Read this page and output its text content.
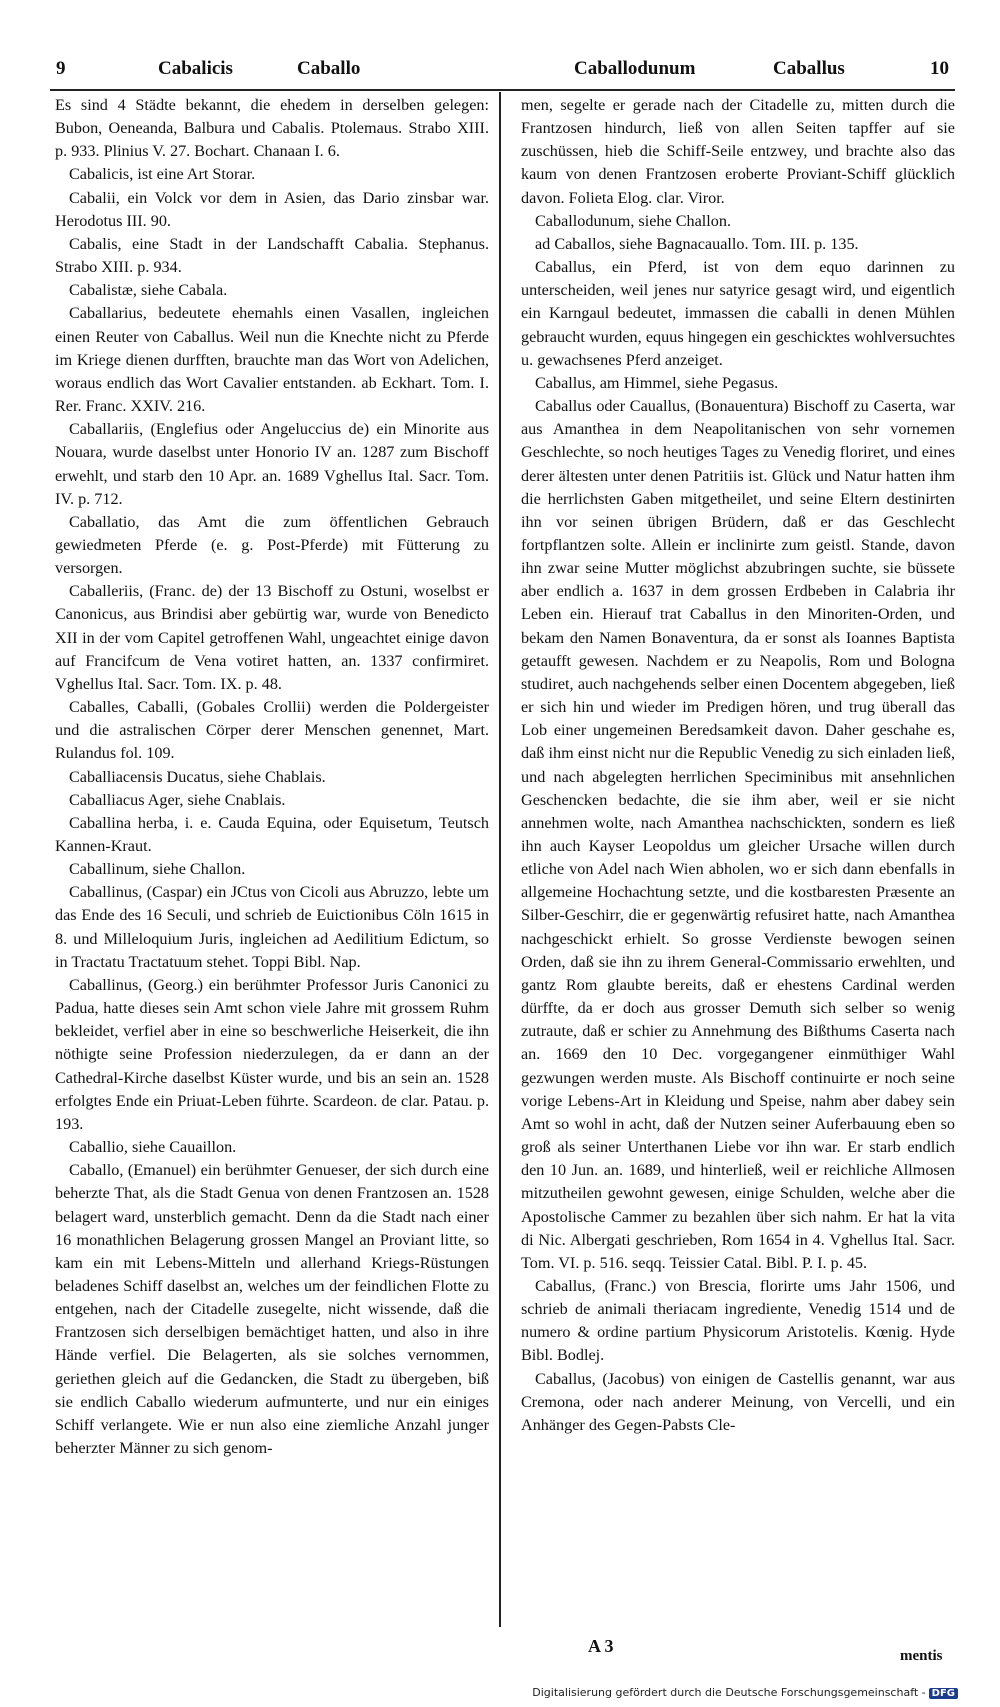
9	Cabalicis	Caballo	Caballodunum	Caballus	10

Es sind 4 Städte bekannt, die ehedem in derselben gelegen: Bubon, Oeneanda, Balbura und Cabalis. Ptolemaus. Strabo XIII. p. 933. Plinius V. 27. Bochart. Chanaan I. 6.

Cabalicis, ist eine Art Storar.

Cabalii, ein Volck vor dem in Asien, das Dario zinsbar war. Herodotus III. 90.

Cabalis, eine Stadt in der Landschafft Cabalia. Stephanus. Strabo XIII. p. 934.

Cabalistæ, siehe Cabala.

Caballarius, bedeutete ehemahls einen Vasallen, ingleichen einen Reuter von Caballus. Weil nun die Knechte nicht zu Pferde im Kriege dienen durfften, brauchte man das Wort von Adelichen, woraus endlich das Wort Cavalier entstanden. ab Eckhart. Tom. I. Rer. Franc. XXIV. 216.

Caballariis, (Englefius oder Angeluccius de) ein Minorite aus Nouara, wurde daselbst unter Honorio IV an. 1287 zum Bischoff erwehlt, und starb den 10 Apr. an. 1689 Vghellus Ital. Sacr. Tom. IV. p. 712.

Caballatio, das Amt die zum öffentlichen Gebrauch gewiedmeten Pferde (e. g. Post-Pferde) mit Fütterung zu versorgen.

Caballeriis, (Franc. de) der 13 Bischoff zu Ostuni, woselbst er Canonicus, aus Brindisi aber gebürtig war, wurde von Benedicto XII in der vom Capitel getroffenen Wahl, ungeachtet einige davon auf Francifcum de Vena votiret hatten, an. 1337 confirmiret. Vghellus Ital. Sacr. Tom. IX. p. 48.

Caballes, Caballi, (Gobales Crollii) werden die Poldergeister und die astralischen Cörper derer Menschen genennet, Mart. Rulandus fol. 109.

Caballiacensis Ducatus, siehe Chablais.

Caballiacus Ager, siehe Cnablais.

Caballina herba, i. e. Cauda Equina, oder Equisetum, Teutsch Kannen-Kraut.

Caballinum, siehe Challon.

Caballinus, (Caspar) ein JCtus von Cicoli aus Abruzzo, lebte um das Ende des 16 Seculi, und schrieb de Euictionibus Cöln 1615 in 8. und Milleloquium Juris, ingleichen ad Aedilitium Edictum, so in Tractatu Tractatuum stehet. Toppi Bibl. Nap.

Caballinus, (Georg.) ein berühmter Professor Juris Canonici zu Padua, hatte dieses sein Amt schon viele Jahre mit grossem Ruhm bekleidet, verfiel aber in eine so beschwerliche Heiserkeit, die ihn nöthigte seine Profession niederzulegen, da er dann an der Cathedral-Kirche daselbst Küster wurde, und bis an sein an. 1528 erfolgtes Ende ein Priuat-Leben führte. Scardeon. de clar. Patau. p. 193.

Caballio, siehe Cauaillon.

Caballo, (Emanuel) ein berühmter Genueser, der sich durch eine beherzte That, als die Stadt Genua von denen Frantzosen an. 1528 belagert ward, unsterblich gemacht. Denn da die Stadt nach einer 16 monathlichen Belagerung grossen Mangel an Proviant litte, so kam ein mit Lebens-Mitteln und allerhand Kriegs-Rüstungen beladenes Schiff daselbst an, welches um der feindlichen Flotte zu entgehen, nach der Citadelle zusegelte, nicht wissende, daß die Frantzosen sich derselbigen bemächtiget hatten, und also in ihre Hände verfiel. Die Belagerten, als sie solches vernommen, geriethen gleich auf die Gedancken, die Stadt zu übergeben, biß sie endlich Caballo wiederum aufmunterte, und nur ein einiges Schiff verlangete. Wie er nun also eine ziemliche Anzahl junger beherzter Männer zu sich genom-

men, segelte er gerade nach der Citadelle zu, mitten durch die Frantzosen hindurch, ließ von allen Seiten tapffer auf sie zuschüssen, hieb die Schiff-Seile entzwey, und brachte also das kaum von denen Frantzosen eroberte Proviant-Schiff glücklich davon. Folieta Elog. clar. Viror.

Caballodunum, siehe Challon.

ad Caballos, siehe Bagnacauallo. Tom. III. p. 135.

Caballus, ein Pferd, ist von dem equo darinnen zu unterscheiden, weil jenes nur satyrice gesagt wird, und eigentlich ein Karngaul bedeutet, immassen die caballi in denen Mühlen gebraucht wurden, equus hingegen ein geschicktes wohlversuchtes u. gewachsenes Pferd anzeiget.

Caballus, am Himmel, siehe Pegasus.

Caballus oder Cauallus, (Bonauentura) Bischoff zu Caserta, war aus Amanthea in dem Neapolitanischen von sehr vornemen Geschlechte, so noch heutiges Tages zu Venedig floriret, und eines derer ältesten unter denen Patritiis ist. Glück und Natur hatten ihm die herrlichsten Gaben mitgetheilet, und seine Eltern destinirten ihn vor seinen übrigen Brüdern, daß er das Geschlecht fortpflantzen solte. Allein er inclinirte zum geistl. Stande, davon ihn zwar seine Mutter möglichst abzubringen suchte, sie büssete aber endlich a. 1637 in dem grossen Erdbeben in Calabria ihr Leben ein. Hierauf trat Caballus in den Minoriten-Orden, und bekam den Namen Bonaventura, da er sonst als Ioannes Baptista getaufft gewesen. Nachdem er zu Neapolis, Rom und Bologna studiret, auch nachgehends selber einen Docentem abgegeben, ließ er sich hin und wieder im Predigen hören, und trug überall das Lob einer ungemeinen Beredsamkeit davon. Daher geschahe es, daß ihm einst nicht nur die Republic Venedig zu sich einladen ließ, und nach abgelegten herrlichen Speciminibus mit ansehnlichen Geschencken bedachte, die sie ihm aber, weil er sie nicht annehmen wolte, nach Amanthea nachschickten, sondern es ließ ihn auch Kayser Leopoldus um gleicher Ursache willen durch etliche von Adel nach Wien abholen, wo er sich dann ebenfalls in allgemeine Hochachtung setzte, und die kostbaresten Præsente an Silber-Geschirr, die er gegenwärtig refusiret hatte, nach Amanthea nachgeschickt erhielt. So grosse Verdienste bewogen seinen Orden, daß sie ihn zu ihrem General-Commissario erwehlten, und gantz Rom glaubte bereits, daß er ehestens Cardinal werden dürffte, da er doch aus grosser Demuth sich selber so wenig zutraute, daß er schier zu Annehmung des Bißthums Caserta nach an. 1669 den 10 Dec. vorgegangener einmüthiger Wahl gezwungen werden muste. Als Bischoff continuirte er noch seine vorige Lebens-Art in Kleidung und Speise, nahm aber dabey sein Amt so wohl in acht, daß der Nutzen seiner Auferbauung eben so groß als seiner Unterthanen Liebe vor ihn war. Er starb endlich den 10 Jun. an. 1689, und hinterließ, weil er reichliche Allmosen mitzutheilen gewohnt gewesen, einige Schulden, welche aber die Apostolische Cammer zu bezahlen über sich nahm. Er hat la vita di Nic. Albergati geschrieben, Rom 1654 in 4. Vghellus Ital. Sacr. Tom. VI. p. 516. seqq. Teissier Catal. Bibl. P. I. p. 45.

Caballus, (Franc.) von Brescia, florirte ums Jahr 1506, und schrieb de animali theriacam ingrediente, Venedig 1514 und de numero & ordine partium Physicorum Aristotelis. Kœnig. Hyde Bibl. Bodlej.

Caballus, (Jacobus) von einigen de Castellis genannt, war aus Cremona, oder nach anderer Meinung, von Vercelli, und ein Anhänger des Gegen-Pabsts Cle-

A 3	mentis
Digitalisierung gefördert durch die Deutsche Forschungsgemeinschaft - DFG
